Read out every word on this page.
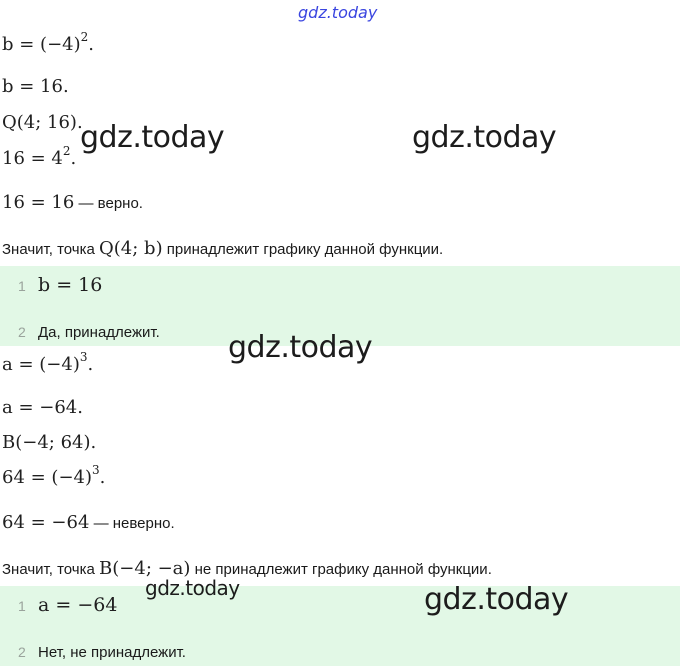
gdz.today
$b = (-4)^2$.
b = 16.
Q(4; 16).
$16 = 4^2$.
16 = 16 — верно.
Значит, точка Q(4; b) принадлежит графику данной функции.
1 b = 16
2 Да, принадлежит.
$a = (-4)^3$.
a = −64.
B(−4; 64).
$64 = (-4)^3$.
64 = −64 — неверно.
Значит, точка B(−4; −a) не принадлежит графику данной функции.
1 a = −64
2 Нет, не принадлежит.
gdz.today	gdz.today
gdz.today
gdz.today	gdz.today
